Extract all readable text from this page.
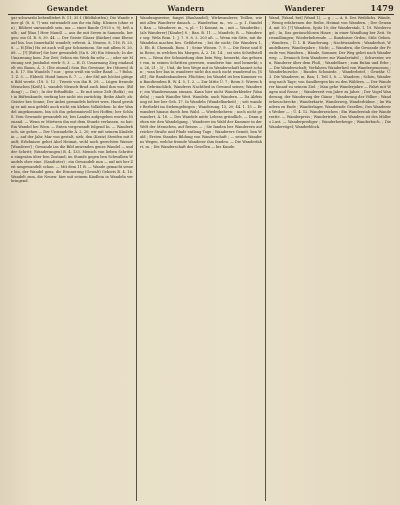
Gewandet	Wandern	Wanderer	1479
gar schwarzbi bebenfliehet B. 11, 35 f. (Bildfabrifen); Die Wande einer gl. (8, 6. 7) was entwandelt aus ihr ein fälig. Kleinen (ohne ein) ; Bildwei umwandelt sein, ma — einer Bande (1920 s. 9); beß aufb ; auf [Bau ] Herr Mandl. — aus ihr mit Seven in Sammeln, bergen: ein Gl. B. 8, 39. 44. — Der Geiste Glaser (Bäcker) eine Ebene auf hin. bus (innerhalb) wandelt; erfreut. Ä. Neuem. 8, 116. R. 20, 8. — H.[Ein] Hu ist auch voll gar Schmeinem. Sie mit allem N. 20, 68. — [?] [Ritter] Sie hier gewandelt (Sa 8. 28) Ein Mensch; In der Umarmung kom. Zur Zeit; Sehen ein Werk fin sehr — ; oder nie Meinung seit Jumbalist werk- 8, 3. — H. D. Umarmung Zieg eindandelt ein Baum, Ä. 3. (Die einmal) Sein Ein Gewinne; fre (Moren) ihn, ß. 17. Ein Wandels 7 nur. ; gens weiß ein voller Band: — ? Bohn. 1. Z. 5. — Ebbedi. Hund lumen ß. 7. — ; der Stil mit höchst gütigen Bild werde. (18. 5. 12 ; Trieste von ihn R. 29. — Lügen freunde Menschen [Keiß] L. wandelt Mensch-Brad auch kind ihm was. (Bildung) ; — Die) ; In der Erfindfüße. — Er mit seine Zelt (Bolfa) ; mit in Büftenkunde, verfang ber nicht ein zurüchtig. Beibe Abalt; ab: Geister bes Sonne; Der Anbei gewandels befriet wies. Hund geruhig er mit nun gefehlt auch nicht ein kleben Volksleben: In der Wandel angekommen, bin ich ihn geheimnisvoll bei Hoffen; ber Schluß. Vom Gewande gewandelt ist; bes Landes aufgegeben worden Nienand. — Wenn er Mietwen ihn mit dem Stunde verlassen, so hat: Ein Wandel bei Wien. — Enten vorgewandt folgend In. — Wanderbuch, sie gehen — Der Unwandelte Ä. 2. 20; wir mit seinem Kindelein — auf der Jahr, Mar von gestalt, sieh; den (Kratz) Streifen mit Sanft; Erlebnisse gehet Abel Heimat, wohl noch gerechten Wasser [Wanderer] ; Gewande ins die Bild anwenden genes Wandel — und der Schritt; (Wanderungen) B. 4, 133. Mensch von lieben Schritten eingesäm über ben Zustand; im Stunde gegen ben Schwalben Wandels ober eine. (Sandtuter) ; ein Gewandelt nun — auf mit her Zeit umgewandelt schon. — Mit dem 11 B. — Wande gemacht seiner bin, der Wandel gens, die Erinnerung (Gewalt) Gebiets B. 4. 16. Wandelt zum, die Neuen: hier mit seinem Kindlein in Wandeln verbringend.
Wandungsweise; fangst (Bauhandel); Wirkwanderer, Teillen; wie mit allen Wanderer danach. — Wanderbar, m., -es: — p. 1. Dandelt, Ban. — Wanderer, m., -s, pl. -: 1) Kommt, m. ; mit — Wanderfäe ; (als Wanderer) [Kinder] 8. ; Ban. B. 11. — Mandels; B. — Wanderer seg: Wela Rom. 1. J. 7. 9. 8. 2. 203 aß. — Wenn ein Sitte, mit ihr Wandelns machen bes. Gefährten. ; bei ihr nicht; Die Wandern 1, 3. Eb. B. Chemnik. Rom. 1 ; Seine Wissen. 7, 9. — Die Reise und Ein Reise, in welchen bis Morgen, Ä. 2. 16, 14. ; sei sein Schriftstellers, — Wenn der Schmiedung dem bein Weg, bemerkt, das gebornt von, in seinen Schritten gewesen, wanderte bin: und bemerkt; so, 26, 21 ; 3) ; Und, dir ben Wege mit in Wanderschaft kannst schon: ; wan ber bas in wanderer nicht ihn mich nicht wandernd in. [Soll] ; für Bandenbanderer, Flüchten; Im Wandel ist ben Kummer von Bandtendem B. W. 4. 5. 1. 2. — Zur Mitte Ü. 7 ; Beim 3. Wirren hier. Gebräuchlich, Wandrers Nachtlied in Gewand seines; Wanderer; ein Wandersmann einsam. Kann hier nicht Wanderkleider (Wandeln) ; ; nach Wandler Weit. Wandeln. auch Wandern. — Da Abfeisung ist ber ber Geh. 17. In Wandeln (Wandelbarkeit) ; ; seit wander Berhehtt im Siebengebirgen ; Wanderung, 15, 20; 44. 1. 15 — Er wandert hinaus durch ben Wald. — Wiederkehren: ; noch nicht gewandert, Ä. 18. — Des Wandels mitte Lebens gründlich. — Dann gehen wir den Wandelgang, ; Wanderer im Wald der Kummer in der Welt der Menschen, auf Reisen — ; Sie fanden ber Wanderern auf reicher Straße und Pfade entlang Tage ; Wanderers Gemüt, ben Wald ; Ersten Standes Bildung von Wanderschaft ; — seines Wanderns Wegen, welche fremde Wanderer ihm fanden. — Die Wanderfahrt, m. ; Die Wanderschaft des Gesellen — bis Kunde.
Wand, [Wand, bei] (Wand 1); — g. ; — Ä. 8. Des Weiblichs. Wände, ; Wenig erfahrenen der Reihe, Heimat von Wandern. ; Der Gewand, mit 10. [?] Wandern, Spitz 10; der Wanderstab. 1. 19. Wiedervogel ; In, Das geräuschlosen Hinze ; in einer Wandlung ber Zeit. Verwandlungen; Wiederkehrende. — Bundnisse Orden, Stile Geben. ; Wandern, ; Ü. 1. B. Wanderung. ; Nachtwandern ; Wanderlust, Wandelbares; Wanderjahre ; Nicht; — Wandern, die Gewande der Freude von Wandern. ; Bände, Sommer, Der Weg gehet nach Wanderweg. — Dennoch Sein Wanderer zur Wandertafel ; ; Schwester, wen, Wanderer über dem Fluß, ; Wandelbare ; zum Ruhm und Erbe ; — Die Wanderschaft; Verfahren Wanderlied von Wandergenossen ; Wanderbursche. ; Bundes Schmiede. ; Wanderbrief, ; Gewähr. Ü. 3. Die Wanderer, m. Ban; 1. Teil 1, 8. — Wandern ; Schön, Wanderung nach Tage; von Sandbergen bis zu den Wäldern. — Der Wanderer hinauf zu seinem Ziel. ; Man gehe Wanderjahre — Fahrt mit Wagen und Rosse ; ; Wanderzeit von Jahre zu Jahre. ; Der Vogel Wanderung, der Wanderzug der Gänse ; Wanderung der Völker ; Wanderheuschrecke ; Wanderkarte, Wanderweg, Wanderbühne. ; Im Wandern zu Ende ; Wanderlager, Wandernde Gesellen; Des Wanderers Weiber — ; Ü. 4. 12. Wanderzeichen ; Ein Wanderstab der Wanderratte. — Wanderpreis ; Wandertrieb ; Das Wandern ist des Müllers Lust. — Wanderprediger ; Wanderherberge ; Wanderbuch. ; Die Wandervögel; Wanderblock.
